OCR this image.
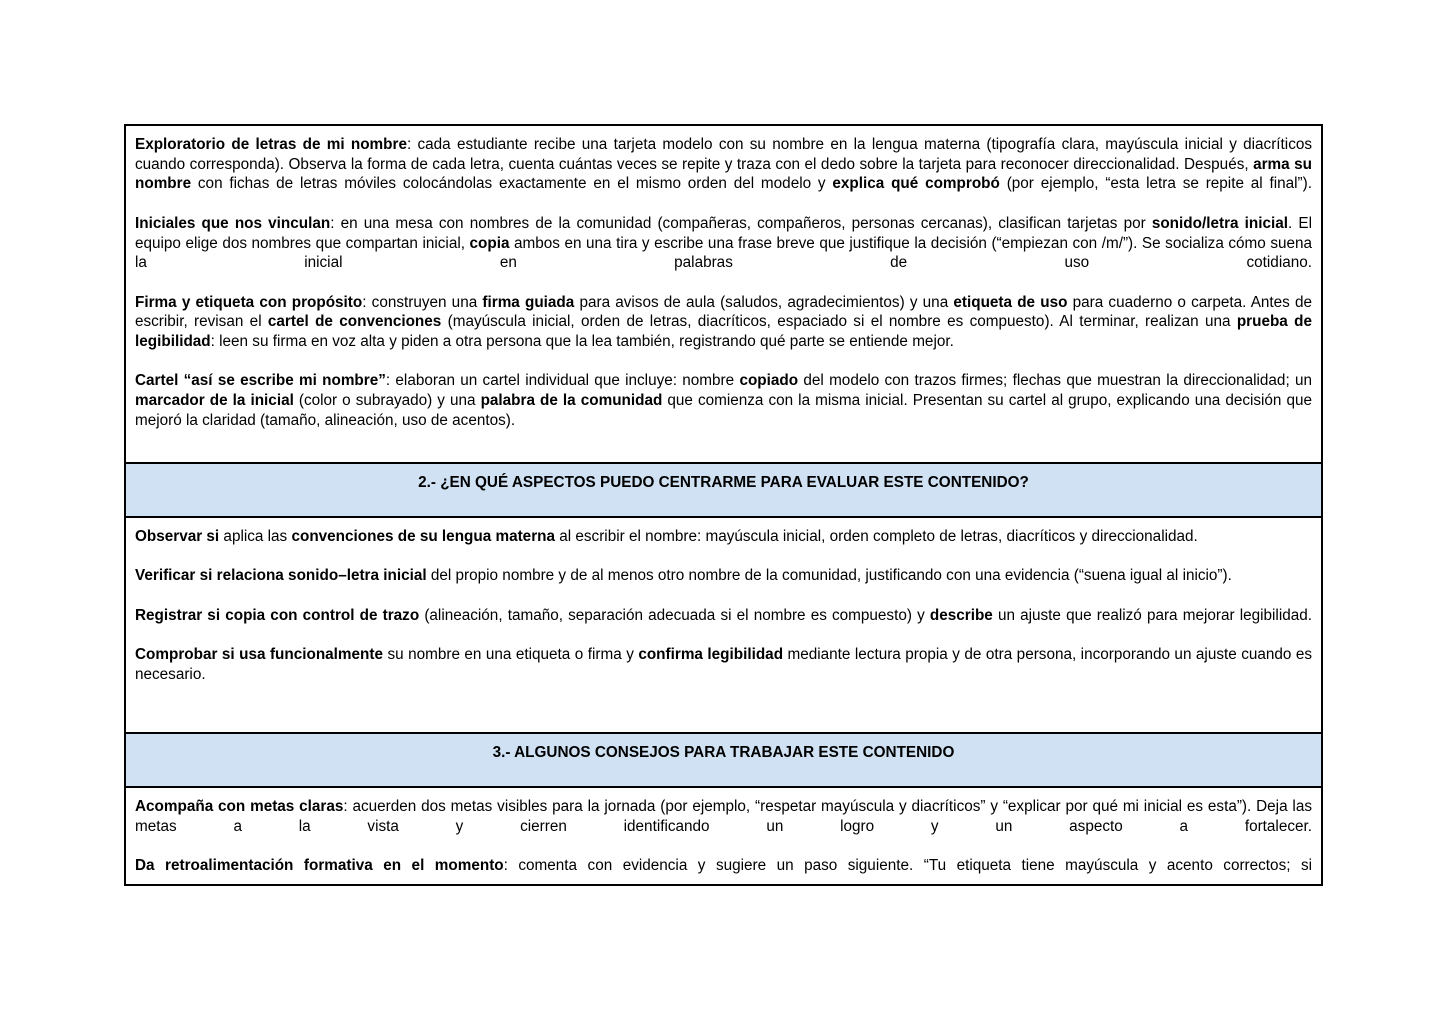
Exploratorio de letras de mi nombre: cada estudiante recibe una tarjeta modelo con su nombre en la lengua materna (tipografía clara, mayúscula inicial y diacríticos cuando corresponda). Observa la forma de cada letra, cuenta cuántas veces se repite y traza con el dedo sobre la tarjeta para reconocer direccionalidad. Después, arma su nombre con fichas de letras móviles colocándolas exactamente en el mismo orden del modelo y explica qué comprobó (por ejemplo, “esta letra se repite al final”).

Iniciales que nos vinculan: en una mesa con nombres de la comunidad (compañeras, compañeros, personas cercanas), clasifican tarjetas por sonido/letra inicial. El equipo elige dos nombres que compartan inicial, copia ambos en una tira y escribe una frase breve que justifique la decisión (“empiezan con /m/”). Se socializa cómo suena la inicial en palabras de uso cotidiano.

Firma y etiqueta con propósito: construyen una firma guiada para avisos de aula (saludos, agradecimientos) y una etiqueta de uso para cuaderno o carpeta. Antes de escribir, revisan el cartel de convenciones (mayúscula inicial, orden de letras, diacríticos, espaciado si el nombre es compuesto). Al terminar, realizan una prueba de legibilidad: leen su firma en voz alta y piden a otra persona que la lea también, registrando qué parte se entiende mejor.

Cartel “así se escribe mi nombre”: elaboran un cartel individual que incluye: nombre copiado del modelo con trazos firmes; flechas que muestran la direccionalidad; un marcador de la inicial (color o subrayado) y una palabra de la comunidad que comienza con la misma inicial. Presentan su cartel al grupo, explicando una decisión que mejoró la claridad (tamaño, alineación, uso de acentos).

2.- ¿EN QUÉ ASPECTOS PUEDO CENTRARME PARA EVALUAR ESTE CONTENIDO?

Observar si aplica las convenciones de su lengua materna al escribir el nombre: mayúscula inicial, orden completo de letras, diacríticos y direccionalidad.

Verificar si relaciona sonido–letra inicial del propio nombre y de al menos otro nombre de la comunidad, justificando con una evidencia (“suena igual al inicio”).

Registrar si copia con control de trazo (alineación, tamaño, separación adecuada si el nombre es compuesto) y describe un ajuste que realizó para mejorar legibilidad.

Comprobar si usa funcionalmente su nombre en una etiqueta o firma y confirma legibilidad mediante lectura propia y de otra persona, incorporando un ajuste cuando es necesario.

3.- ALGUNOS CONSEJOS PARA TRABAJAR ESTE CONTENIDO

Acompaña con metas claras: acuerden dos metas visibles para la jornada (por ejemplo, “respetar mayúscula y diacríticos” y “explicar por qué mi inicial es esta”). Deja las metas a la vista y cierren identificando un logro y un aspecto a fortalecer.

Da retroalimentación formativa en el momento: comenta con evidencia y sugiere un paso siguiente. “Tu etiqueta tiene mayúscula y acento correctos; si
